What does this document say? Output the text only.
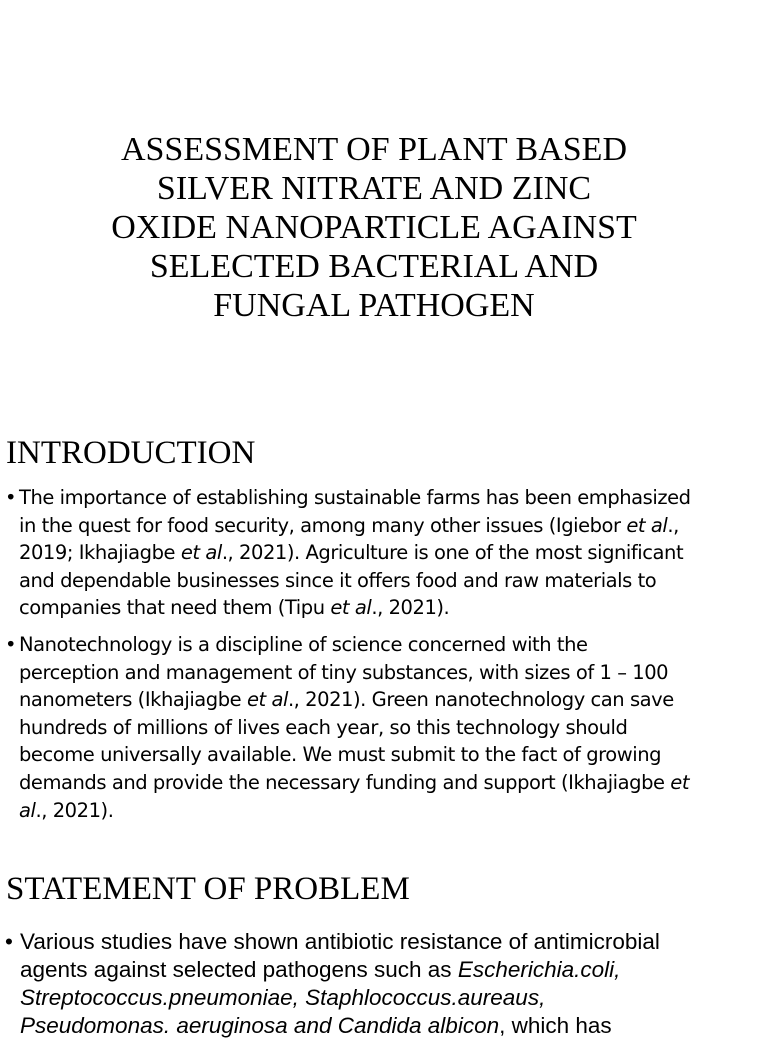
ASSESSMENT OF PLANT BASED
SILVER NITRATE AND ZINC
OXIDE NANOPARTICLE AGAINST
SELECTED BACTERIAL AND
FUNGAL PATHOGEN
INTRODUCTION
• The importance of establishing sustainable farms has been emphasized
in the quest for food security, among many other issues (Igiebor et al.,
2019; Ikhajiagbe et al., 2021). Agriculture is one of the most significant
and dependable businesses since it offers food and raw materials to
companies that need them (Tipu et al., 2021).
• Nanotechnology is a discipline of science concerned with the
perception and management of tiny substances, with sizes of 1 – 100
nanometers (Ikhajiagbe et al., 2021). Green nanotechnology can save
hundreds of millions of lives each year, so this technology should
become universally available. We must submit to the fact of growing
demands and provide the necessary funding and support (Ikhajiagbe et
al., 2021).
STATEMENT OF PROBLEM
• Various studies have shown antibiotic resistance of antimicrobial
agents against selected pathogens such as Escherichia.coli,
Streptococcus.pneumoniae, Staphlococcus.aureaus,
Pseudomonas. aeruginosa and Candida albicon, which has
